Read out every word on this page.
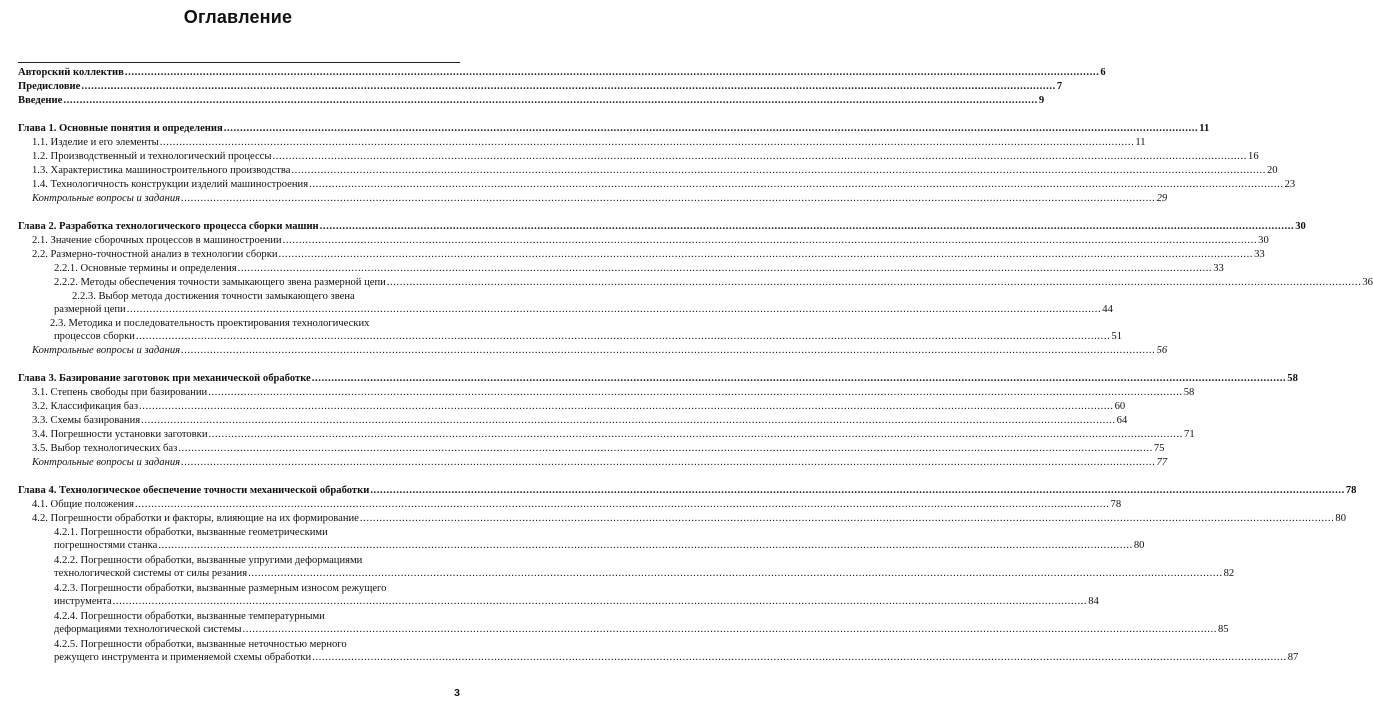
Оглавление
Авторский коллектив .....	6
Предисловие .....	7
Введение .....	9
Глава 1. Основные понятия и определения .....	11
1.1. Изделие и его элементы .....	11
1.2. Производственный и технологический процессы .....	16
1.3. Характеристика машиностроительного производства .....	20
1.4. Технологичность конструкции изделий машиностроения .....	23
Контрольные вопросы и задания .....	29
Глава 2. Разработка технологического процесса сборки машин .....	30
2.1. Значение сборочных процессов в машиностроении .....	30
2.2. Размерно-точностной анализ в технологии сборки .....	33
2.2.1. Основные термины и определения .....	33
2.2.2. Методы обеспечения точности замыкающего звена размерной цепи .....	36
2.2.3. Выбор метода достижения точности замыкающего звена
размерной цепи .....	44
2.3. Методика и последовательность проектирования технологических
процессов сборки .....	51
Контрольные вопросы и задания .....	56
Глава 3. Базирование заготовок при механической обработке .....	58
3.1. Степень свободы при базировании .....	58
3.2. Классификация баз .....	60
3.3. Схемы базирования .....	64
3.4. Погрешности установки заготовки .....	71
3.5. Выбор технологических баз .....	75
Контрольные вопросы и задания .....	77
Глава 4. Технологическое обеспечение точности механической обработки .....	78
4.1. Общие положения .....	78
4.2. Погрешности обработки и факторы, влияющие на их формирование .....	80
4.2.1. Погрешности обработки, вызванные геометрическими
погрешностями станка .....	80
4.2.2. Погрешности обработки, вызванные упругими деформациями
технологической системы от силы резания .....	82
4.2.3. Погрешности обработки, вызванные размерным износом режущего
инструмента .....	84
4.2.4. Погрешности обработки, вызванные температурными
деформациями технологической системы .....	85
4.2.5. Погрешности обработки, вызванные неточностью мерного
режущего инструмента и применяемой схемы обработки .....	87
3
